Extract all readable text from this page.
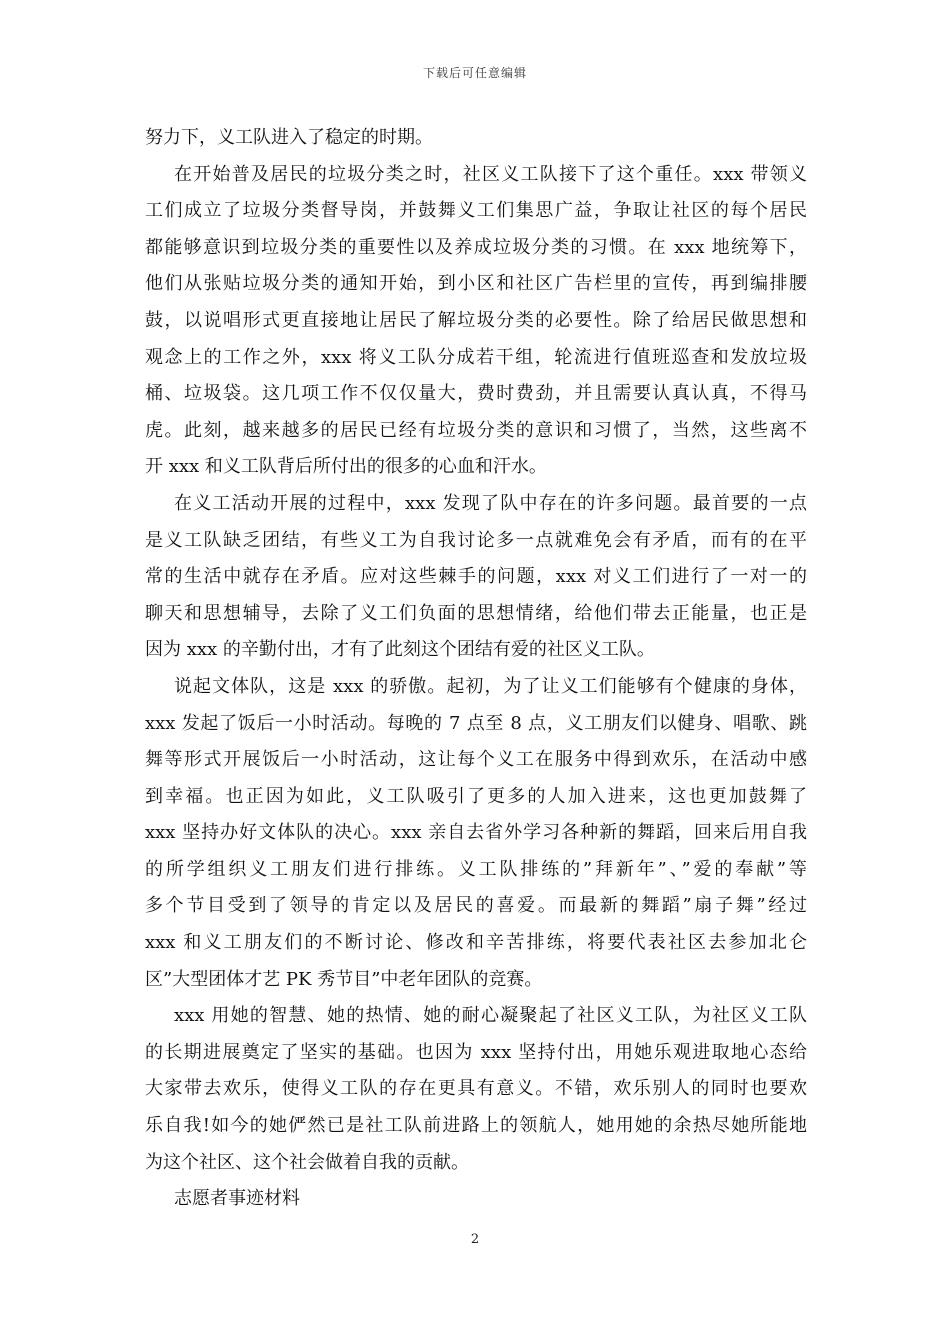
下载后可任意编辑
努力下，义工队进入了稳定的时期。
在开始普及居民的垃圾分类之时，社区义工队接下了这个重任。xxx 带领义
工们成立了垃圾分类督导岗，并鼓舞义工们集思广益，争取让社区的每个居民
都能够意识到垃圾分类的重要性以及养成垃圾分类的习惯。在 xxx 地统筹下，
他们从张贴垃圾分类的通知开始，到小区和社区广告栏里的宣传，再到编排腰
鼓，以说唱形式更直接地让居民了解垃圾分类的必要性。除了给居民做思想和
观念上的工作之外，xxx 将义工队分成若干组，轮流进行值班巡查和发放垃圾
桶、垃圾袋。这几项工作不仅仅量大，费时费劲，并且需要认真认真，不得马
虎。此刻，越来越多的居民已经有垃圾分类的意识和习惯了，当然，这些离不
开 xxx 和义工队背后所付出的很多的心血和汗水。
在义工活动开展的过程中，xxx 发现了队中存在的许多问题。最首要的一点
是义工队缺乏团结，有些义工为自我讨论多一点就难免会有矛盾，而有的在平
常的生活中就存在矛盾。应对这些棘手的问题，xxx 对义工们进行了一对一的
聊天和思想辅导，去除了义工们负面的思想情绪，给他们带去正能量，也正是
因为 xxx 的辛勤付出，才有了此刻这个团结有爱的社区义工队。
说起文体队，这是 xxx 的骄傲。起初，为了让义工们能够有个健康的身体，
xxx 发起了饭后一小时活动。每晚的 7 点至 8 点，义工朋友们以健身、唱歌、跳
舞等形式开展饭后一小时活动，这让每个义工在服务中得到欢乐，在活动中感
到幸福。也正因为如此，义工队吸引了更多的人加入进来，这也更加鼓舞了
xxx 坚持办好文体队的决心。xxx 亲自去省外学习各种新的舞蹈，回来后用自我
的所学组织义工朋友们进行排练。义工队排练的”拜新年”、”爱的奉献”等
多个节目受到了领导的肯定以及居民的喜爱。而最新的舞蹈”扇子舞”经过
xxx 和义工朋友们的不断讨论、修改和辛苦排练，将要代表社区去参加北仑
区”大型团体才艺 PK 秀节目”中老年团队的竞赛。
xxx 用她的智慧、她的热情、她的耐心凝聚起了社区义工队，为社区义工队
的长期进展奠定了坚实的基础。也因为 xxx 坚持付出，用她乐观进取地心态给
大家带去欢乐，使得义工队的存在更具有意义。不错，欢乐别人的同时也要欢
乐自我!如今的她俨然已是社工队前进路上的领航人，她用她的余热尽她所能地
为这个社区、这个社会做着自我的贡献。
志愿者事迹材料
2
